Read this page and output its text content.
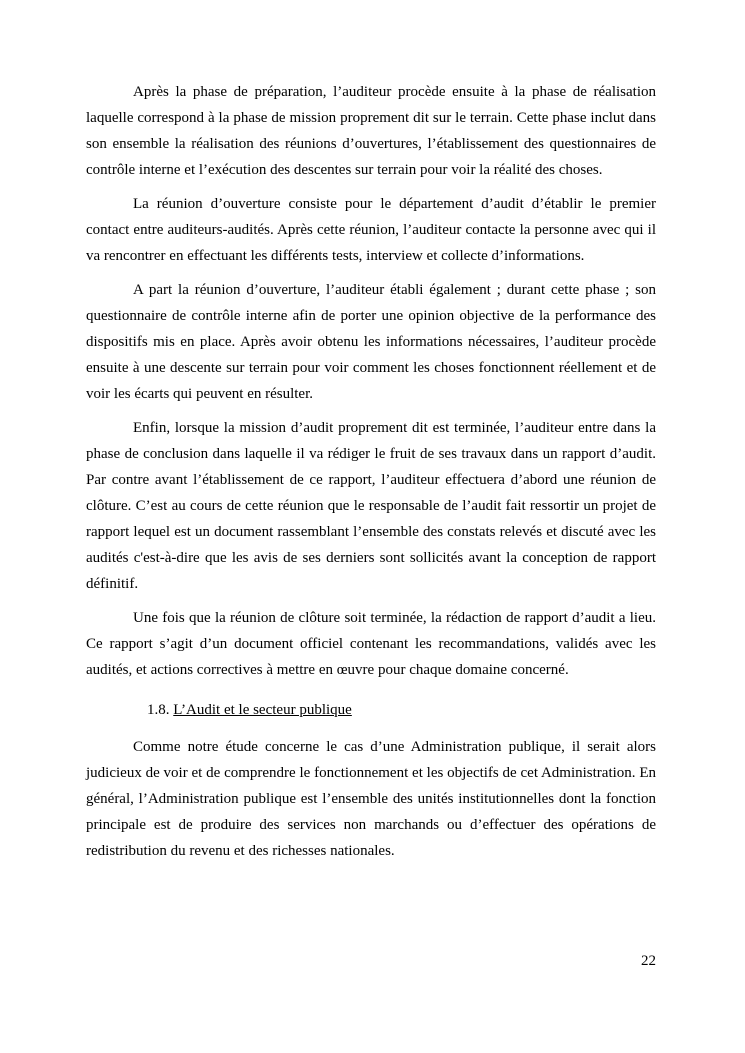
Après la phase de préparation, l’auditeur procède ensuite à la phase de réalisation laquelle correspond à la phase de mission proprement dit sur le terrain. Cette phase inclut dans son ensemble la réalisation des réunions d’ouvertures, l’établissement des questionnaires de contrôle interne et l’exécution des descentes sur terrain pour voir la réalité des choses.

La réunion d’ouverture consiste pour le département d’audit d’établir le premier contact entre auditeurs-audités. Après cette réunion, l’auditeur contacte la personne avec qui il va rencontrer en effectuant les différents tests, interview et collecte d’informations.

A part la réunion d’ouverture, l’auditeur établi également ; durant cette phase ; son questionnaire de contrôle interne afin de porter une opinion objective de la performance des dispositifs mis en place. Après avoir obtenu les informations nécessaires, l’auditeur procède ensuite à une descente sur terrain pour voir comment les choses fonctionnent réellement et de voir les écarts qui peuvent en résulter.

Enfin, lorsque la mission d’audit proprement dit est terminée, l’auditeur entre dans la phase de conclusion dans laquelle il va rédiger le fruit de ses travaux dans un rapport d’audit. Par contre avant l’établissement de ce rapport, l’auditeur effectuera d’abord une réunion de clôture. C’est au cours de cette réunion que le responsable de l’audit fait ressortir un projet de rapport lequel est un document rassemblant l’ensemble des constats relevés et discuté avec les audités c'est-à-dire que les avis de ses derniers sont sollicités avant la conception de rapport définitif.

Une fois que la réunion de clôture soit terminée, la rédaction de rapport d’audit a lieu. Ce rapport s’agit d’un document officiel contenant les recommandations, validés avec les audités, et actions correctives à mettre en œuvre pour chaque domaine concerné.

1.8. L’Audit et le secteur publique

Comme notre étude concerne le cas d’une Administration publique, il serait alors judicieux de voir et de comprendre le fonctionnement et les objectifs de cet Administration. En général, l’Administration publique est l’ensemble des unités institutionnelles dont la fonction principale est de produire des services non marchands ou d’effectuer des opérations de redistribution du revenu et des richesses nationales.

22
